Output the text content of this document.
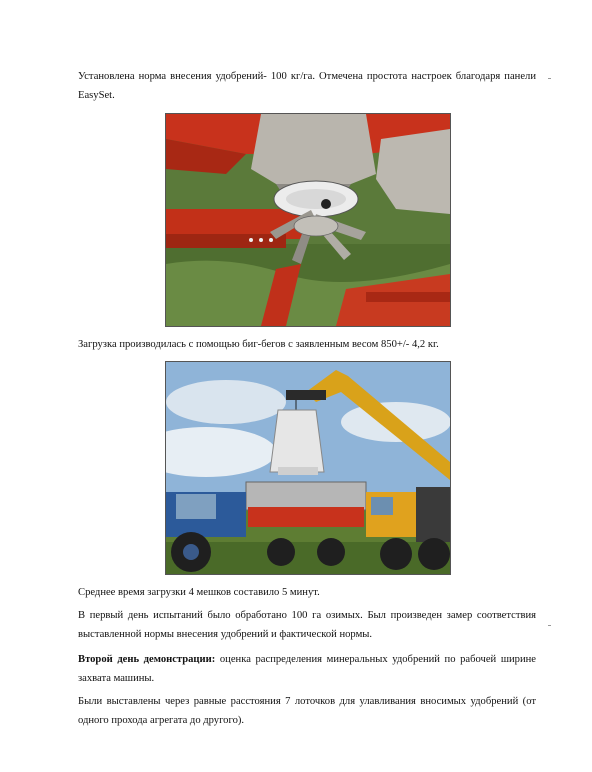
Установлена норма внесения удобрений- 100 кг/га. Отмечена простота настроек благодаря панели EasySet.
Загрузка производилась с помощью биг-бегов с заявленным весом 850+/- 4,2 кг.
Среднее время загрузки 4 мешков составило 5 минут.
В первый день испытаний было обработано 100 га озимых. Был произведен замер соответствия выставленной нормы внесения удобрений и фактической нормы.
Второй день демонстрации: оценка распределения минеральных удобрений по рабочей ширине захвата машины.
Были выставлены через равные расстояния 7 лоточков для улавливания вносимых удобрений (от одного прохода агрегата до другого).
